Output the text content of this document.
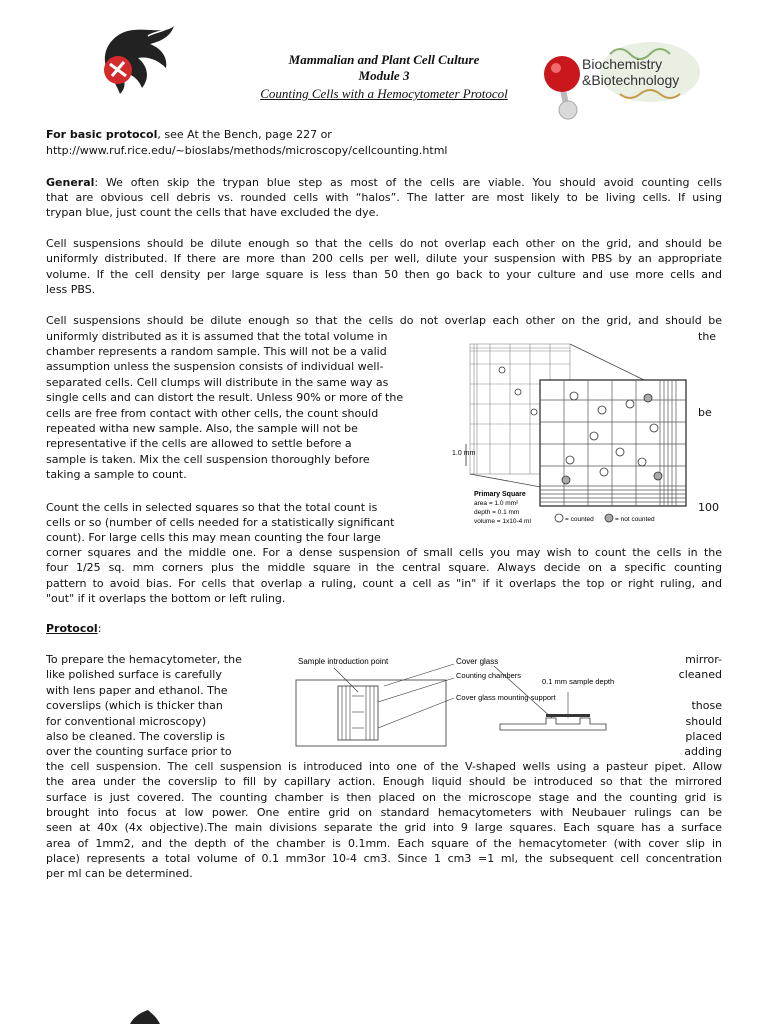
Mammalian and Plant Cell Culture
Module 3
Counting Cells with a Hemocytometer Protocol
Biochemistry
&Biotechnology
For basic protocol, see At the Bench, page 227 or
http://www.ruf.rice.edu/~bioslabs/methods/microscopy/cellcounting.html
General: We often skip the trypan blue step as most of the cells are viable. You should avoid counting cells
that are obvious cell debris vs. rounded cells with “halos”. The latter are most likely to be living cells. If using
trypan blue, just count the cells that have excluded the dye.
Cell suspensions should be dilute enough so that the cells do not overlap each other on the grid, and should be
uniformly distributed. If there are more than 200 cells per well, dilute your suspension with PBS by an appropriate
volume. If the cell density per large square is less than 50 then go back to your culture and use more cells and
less PBS.
Cell suspensions should be dilute enough so that the cells do not overlap each other on the grid, and should be
uniformly distributed as it is assumed that the total volume in	the
chamber represents a random sample. This will not be a valid
assumption unless the suspension consists of individual well-
separated cells. Cell clumps will distribute in the same way as
single cells and can distort the result. Unless 90% or more of the
cells are free from contact with other cells, the count should
repeated witha new sample. Also, the sample will not be
representative if the cells are allowed to settle before a
sample is taken. Mix the cell suspension thoroughly before
taking a sample to count.
be
1.0 mm
Primary Square
area = 1.0 mm²
depth = 0.1 mm
volume = 1x10-4 ml	= counted	= not counted
Count the cells in selected squares so that the total count is	100
cells or so (number of cells needed for a statistically significant
count). For large cells this may mean counting the four large
corner squares and the middle one. For a dense suspension of small cells you may wish to count the cells in the
four 1/25 sq. mm corners plus the middle square in the central square. Always decide on a specific counting
pattern to avoid bias. For cells that overlap a ruling, count a cell as "in" if it overlaps the top or right ruling, and
"out" if it overlaps the bottom or left ruling.
Protocol:
To prepare the hemacytometer, the
like polished surface is carefully
with lens paper and ethanol. The
coverslips (which is thicker than
for conventional microscopy)
also be cleaned. The coverslip is
over the counting surface prior to
mirror-
cleaned
those
should
placed
adding
Sample introduction point	Cover glass
Counting chambers
Cover glass mounting support
0.1 mm sample depth
the cell suspension. The cell suspension is introduced into one of the V-shaped wells using a pasteur pipet. Allow
the area under the coverslip to fill by capillary action. Enough liquid should be introduced so that the mirrored
surface is just covered. The counting chamber is then placed on the microscope stage and the counting grid is
brought into focus at low power. One entire grid on standard hemacytometers with Neubauer rulings can be
seen at 40x (4x objective).The main divisions separate the grid into 9 large squares. Each square has a surface
area of 1mm2, and the depth of the chamber is 0.1mm. Each square of the hemacytometer (with cover slip in
place) represents a total volume of 0.1 mm3or 10-4 cm3. Since 1 cm3 =1 ml, the subsequent cell concentration
per ml can be determined.
